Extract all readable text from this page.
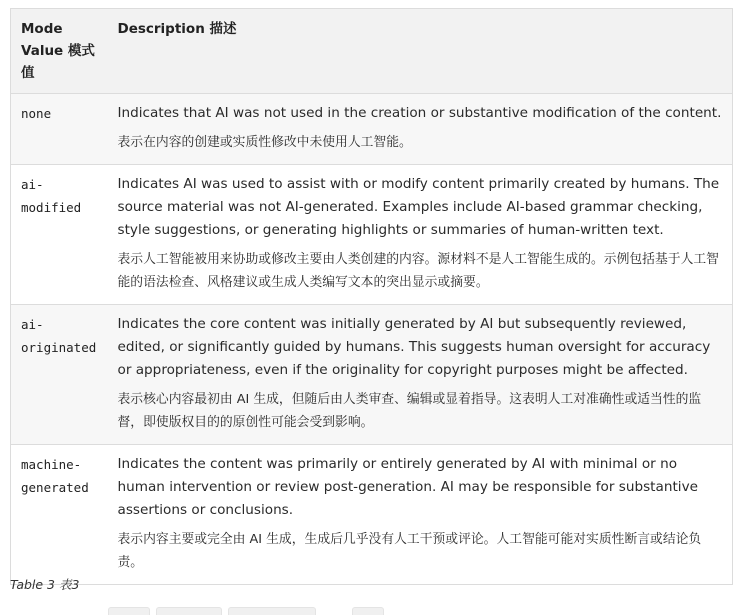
Mode Value 模式值	Description 描述

none	Indicates that AI was not used in the creation or substantive modification of the content.
表示在内容的创建或实质性修改中未使用人工智能。

ai-modified	Indicates AI was used to assist with or modify content primarily created by humans. The source material was not AI-generated. Examples include AI-based grammar checking, style suggestions, or generating highlights or summaries of human-written text.
表示人工智能被用来协助或修改主要由人类创建的内容。源材料不是人工智能生成的。示例包括基于人工智能的语法检查、风格建议或生成人类编写文本的突出显示或摘要。

ai-originated	Indicates the core content was initially generated by AI but subsequently reviewed, edited, or significantly guided by humans. This suggests human oversight for accuracy or appropriateness, even if the originality for copyright purposes might be affected.
表示核心内容最初由 AI 生成，但随后由人类审查、编辑或显着指导。这表明人工对准确性或适当性的监督，即使版权目的的原创性可能会受到影响。

machine-generated	Indicates the content was primarily or entirely generated by AI with minimal or no human intervention or review post-generation. AI may be responsible for substantive assertions or conclusions.
表示内容主要或完全由 AI 生成，生成后几乎没有人工干预或评论。人工智能可能对实质性断言或结论负责。
Table 3 表3
